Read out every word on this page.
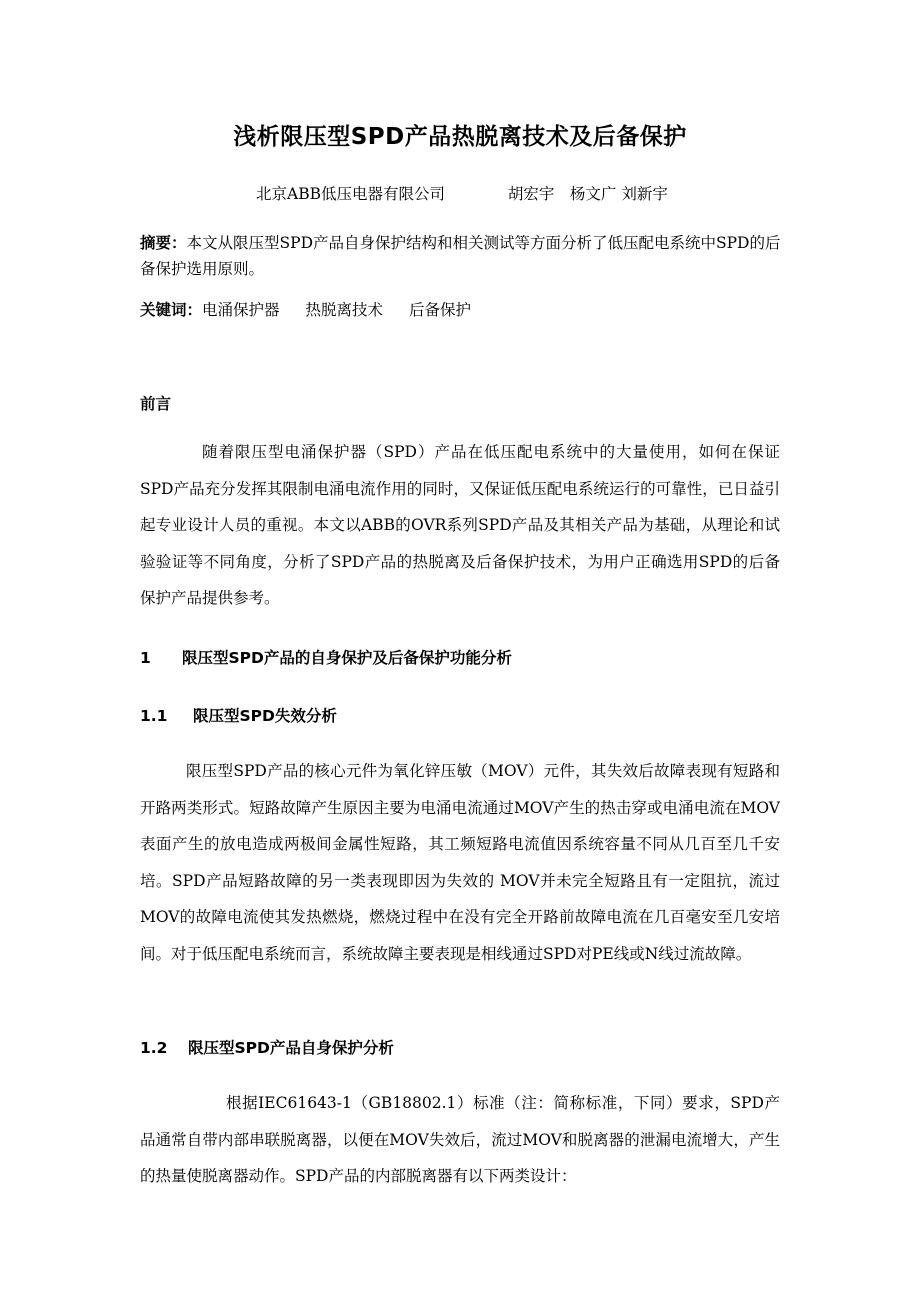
浅析限压型SPD产品热脱离技术及后备保护
北京ABB低压电器有限公司	胡宏宇　杨文广 刘新宇
摘要：本文从限压型SPD产品自身保护结构和相关测试等方面分析了低压配电系统中SPD的后备保护选用原则。
关键词：电涌保护器 热脱离技术 后备保护
前言

随着限压型电涌保护器（SPD）产品在低压配电系统中的大量使用，如何在保证SPD产品充分发挥其限制电涌电流作用的同时，又保证低压配电系统运行的可靠性，已日益引起专业设计人员的重视。本文以ABB的OVR系列SPD产品及其相关产品为基础，从理论和试验验证等不同角度，分析了SPD产品的热脱离及后备保护技术，为用户正确选用SPD的后备保护产品提供参考。

1 限压型SPD产品的自身保护及后备保护功能分析
1.1 限压型SPD失效分析

限压型SPD产品的核心元件为氧化锌压敏（MOV）元件，其失效后故障表现有短路和开路两类形式。短路故障产生原因主要为电涌电流通过MOV产生的热击穿或电涌电流在MOV表面产生的放电造成两极间金属性短路，其工频短路电流值因系统容量不同从几百至几千安培。SPD产品短路故障的另一类表现即因为失效的 MOV并未完全短路且有一定阻抗，流过MOV的故障电流使其发热燃烧，燃烧过程中在没有完全开路前故障电流在几百毫安至几安培间。对于低压配电系统而言，系统故障主要表现是相线通过SPD对PE线或N线过流故障。

1.2 限压型SPD产品自身保护分析

根据IEC61643-1（GB18802.1）标准（注：简称标准，下同）要求，SPD产品通常自带内部串联脱离器，以便在MOV失效后，流过MOV和脱离器的泄漏电流增大，产生的热量使脱离器动作。SPD产品的内部脱离器有以下两类设计：
